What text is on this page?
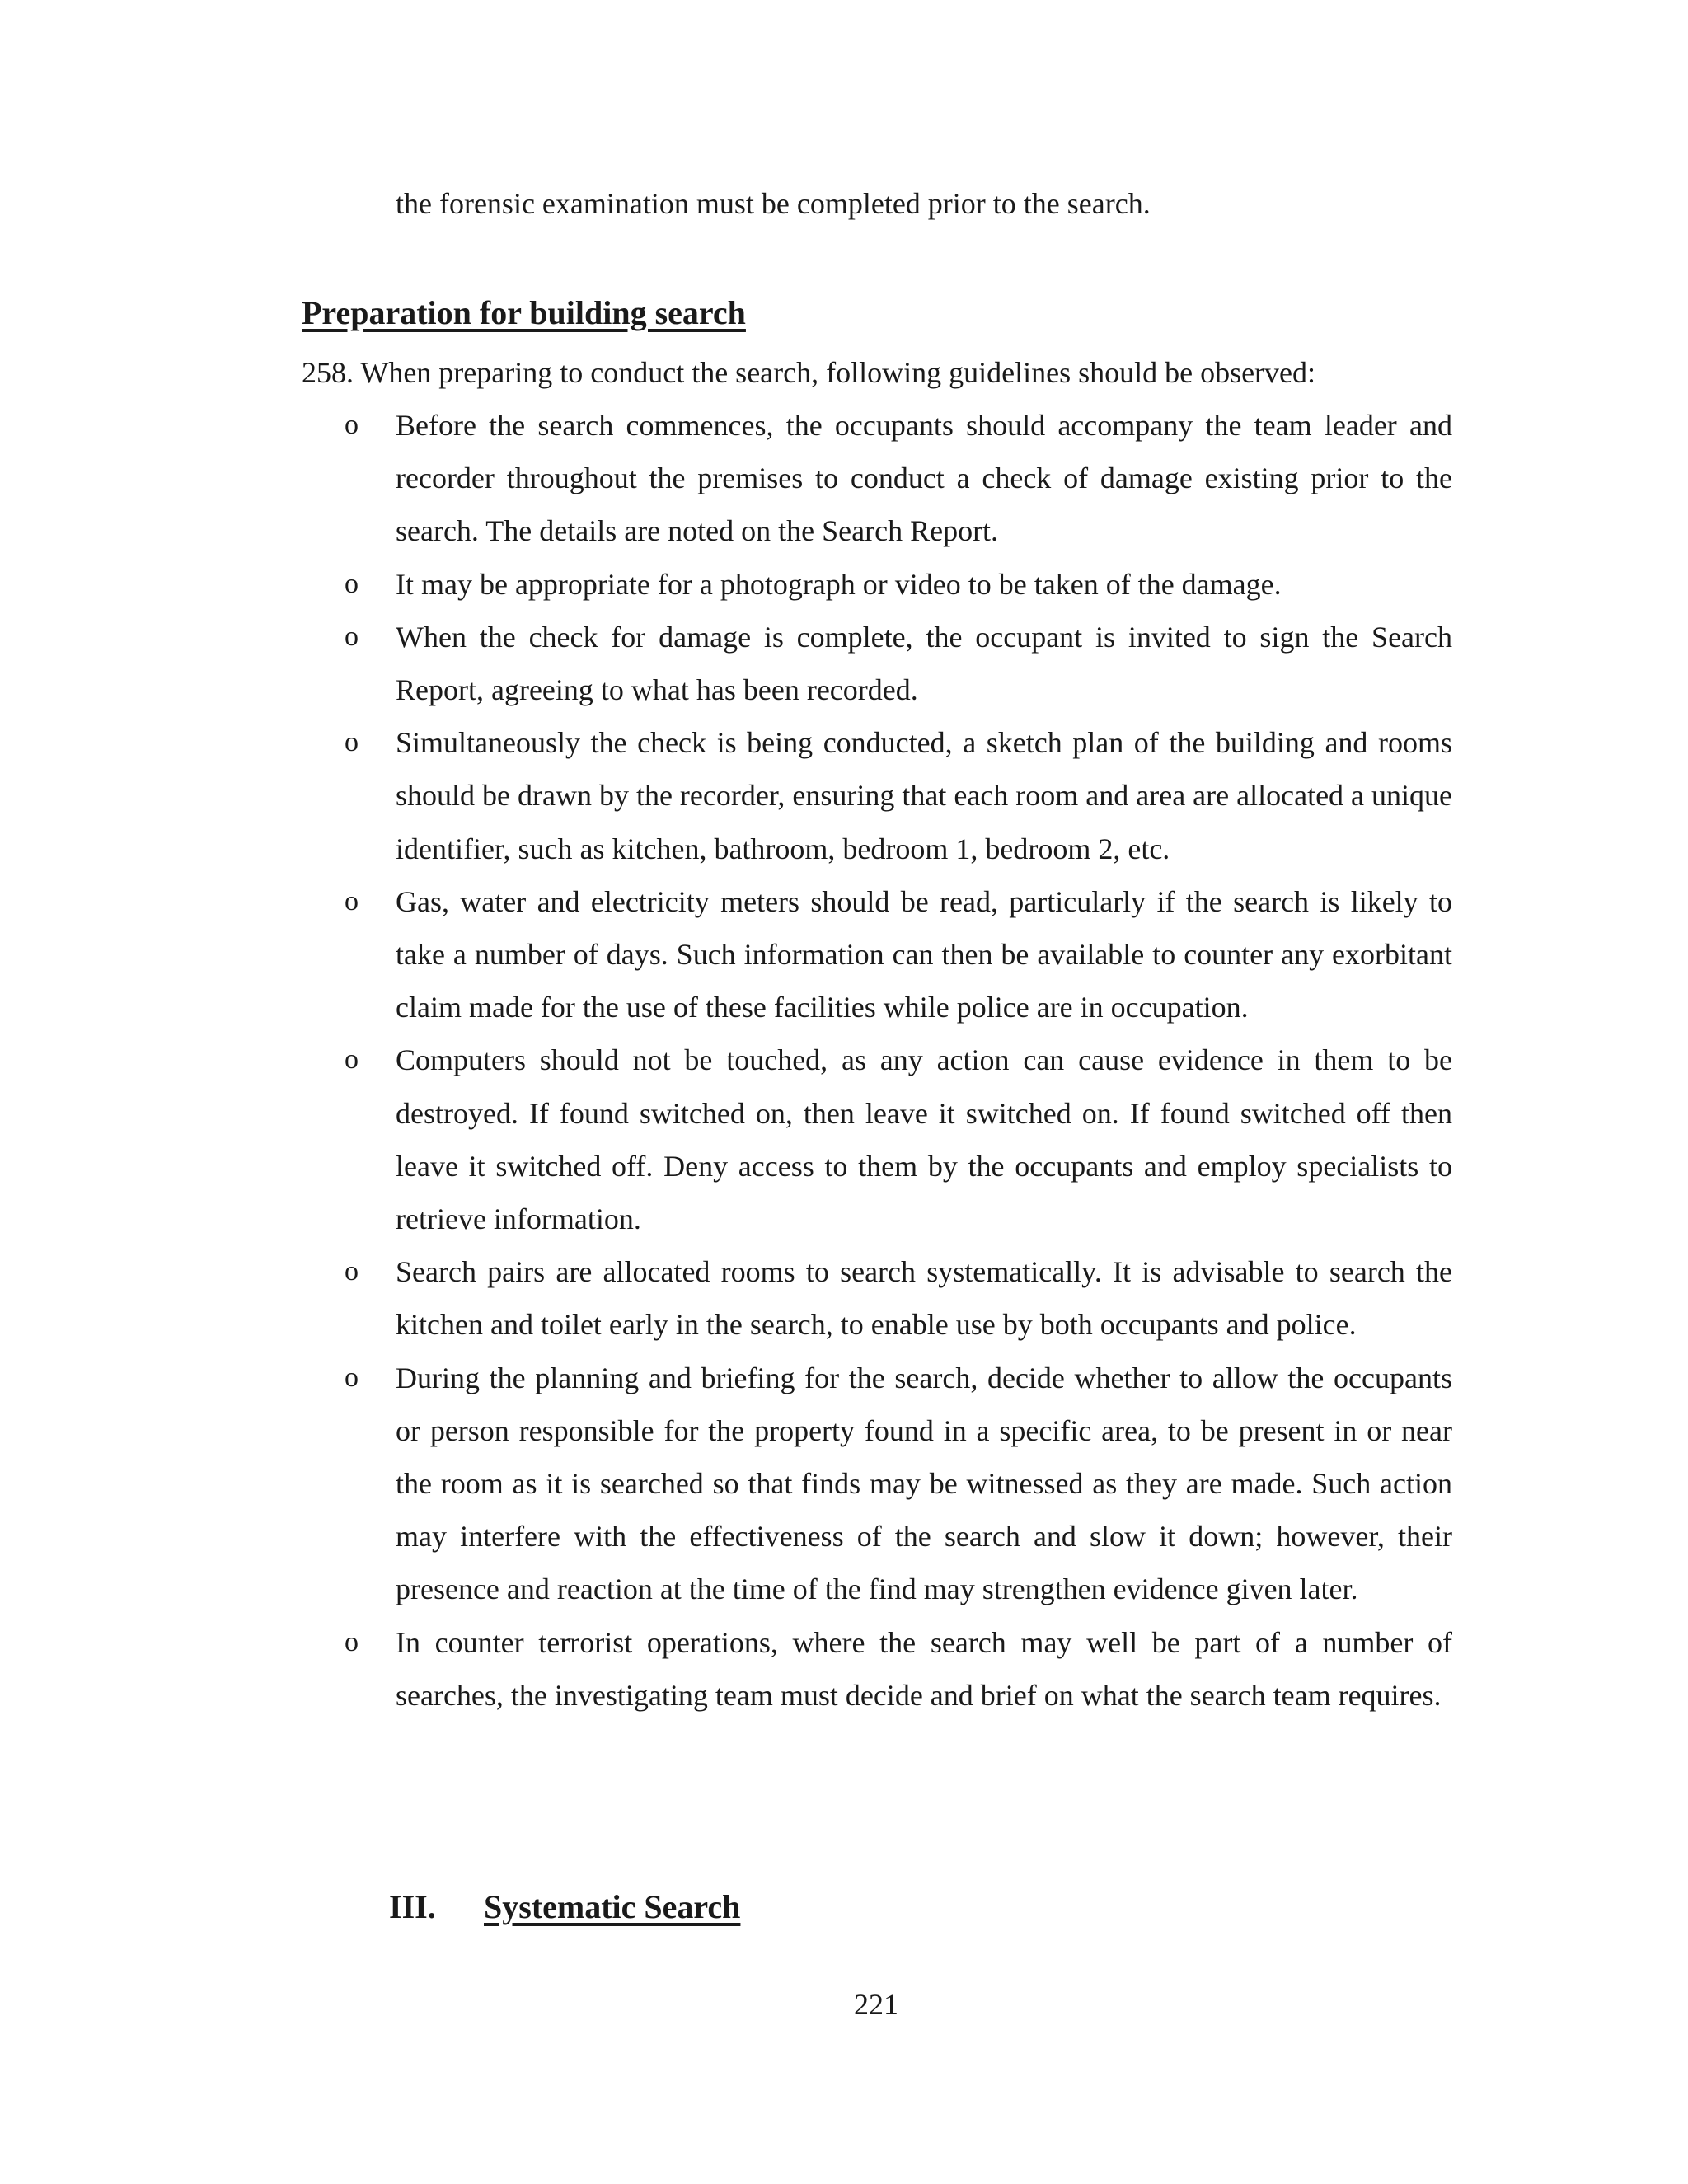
the forensic examination must be completed prior to the search.
Preparation for building search
258. When preparing to conduct the search, following guidelines should be observed:
o Before the search commences, the occupants should accompany the team leader and recorder throughout the premises to conduct a check of damage existing prior to the search. The details are noted on the Search Report.
o It may be appropriate for a photograph or video to be taken of the damage.
o When the check for damage is complete, the occupant is invited to sign the Search Report, agreeing to what has been recorded.
o Simultaneously the check is being conducted, a sketch plan of the building and rooms should be drawn by the recorder, ensuring that each room and area are allocated a unique identifier, such as kitchen, bathroom, bedroom 1, bedroom 2, etc.
o Gas, water and electricity meters should be read, particularly if the search is likely to take a number of days. Such information can then be available to counter any exorbitant claim made for the use of these facilities while police are in occupation.
o Computers should not be touched, as any action can cause evidence in them to be destroyed. If found switched on, then leave it switched on. If found switched off then leave it switched off. Deny access to them by the occupants and employ specialists to retrieve information.
o Search pairs are allocated rooms to search systematically. It is advisable to search the kitchen and toilet early in the search, to enable use by both occupants and police.
o During the planning and briefing for the search, decide whether to allow the occupants or person responsible for the property found in a specific area, to be present in or near the room as it is searched so that finds may be witnessed as they are made. Such action may interfere with the effectiveness of the search and slow it down; however, their presence and reaction at the time of the find may strengthen evidence given later.
o In counter terrorist operations, where the search may well be part of a number of searches, the investigating team must decide and brief on what the search team requires.
III. Systematic Search
221
